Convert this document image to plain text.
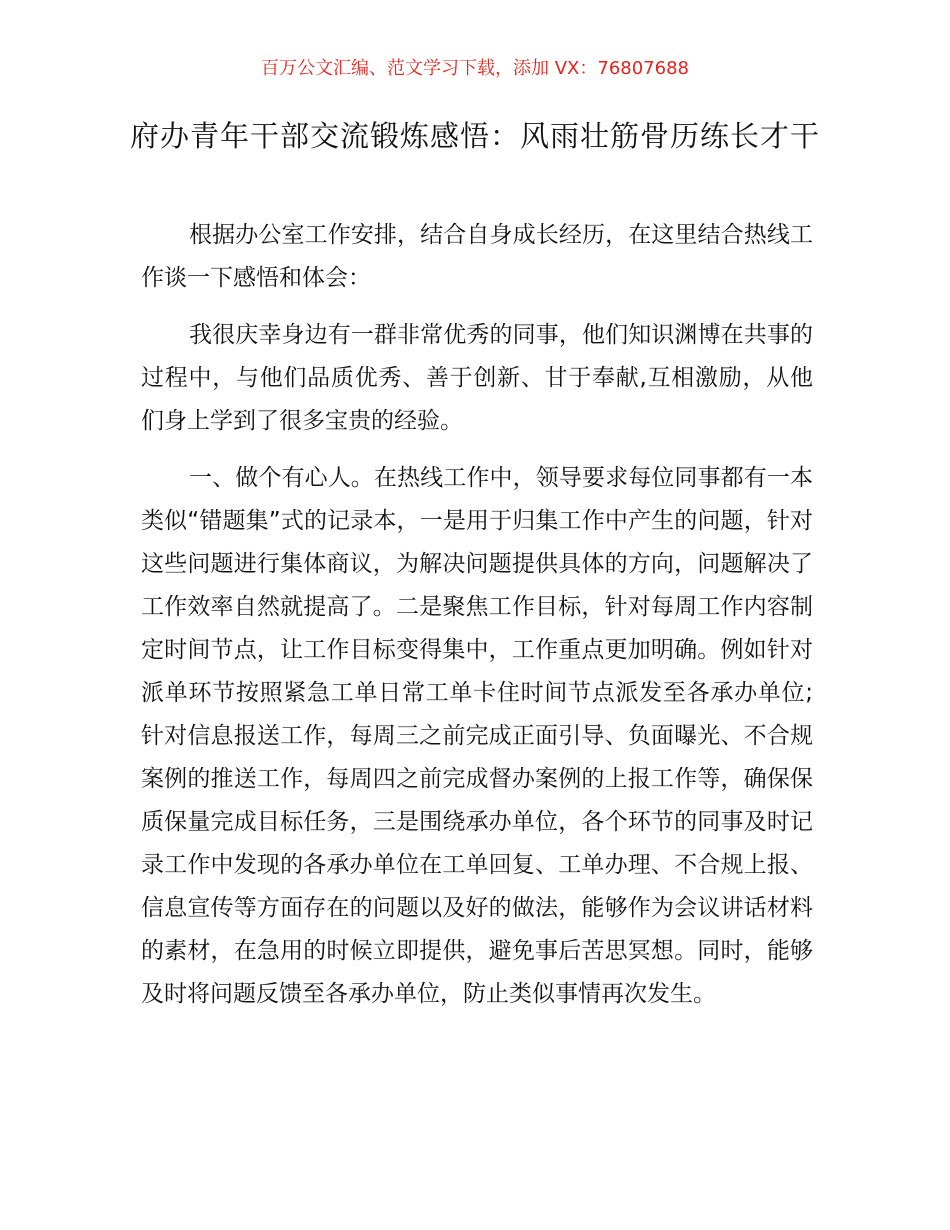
百万公文汇编、范文学习下载，添加 VX：76807688
府办青年干部交流锻炼感悟：风雨壮筋骨历练长才干

根据办公室工作安排，结合自身成长经历，在这里结合热线工作谈一下感悟和体会：

我很庆幸身边有一群非常优秀的同事，他们知识渊博在共事的过程中，与他们品质优秀、善于创新、甘于奉献,互相激励，从他们身上学到了很多宝贵的经验。

一、做个有心人。在热线工作中，领导要求每位同事都有一本类似“错题集”式的记录本，一是用于归集工作中产生的问题，针对这些问题进行集体商议，为解决问题提供具体的方向，问题解决了工作效率自然就提高了。二是聚焦工作目标，针对每周工作内容制定时间节点，让工作目标变得集中，工作重点更加明确。例如针对派单环节按照紧急工单日常工单卡住时间节点派发至各承办单位;针对信息报送工作，每周三之前完成正面引导、负面曝光、不合规案例的推送工作，每周四之前完成督办案例的上报工作等，确保保质保量完成目标任务，三是围绕承办单位，各个环节的同事及时记录工作中发现的各承办单位在工单回复、工单办理、不合规上报、信息宣传等方面存在的问题以及好的做法，能够作为会议讲话材料的素材，在急用的时候立即提供，避免事后苦思冥想。同时，能够及时将问题反馈至各承办单位，防止类似事情再次发生。
